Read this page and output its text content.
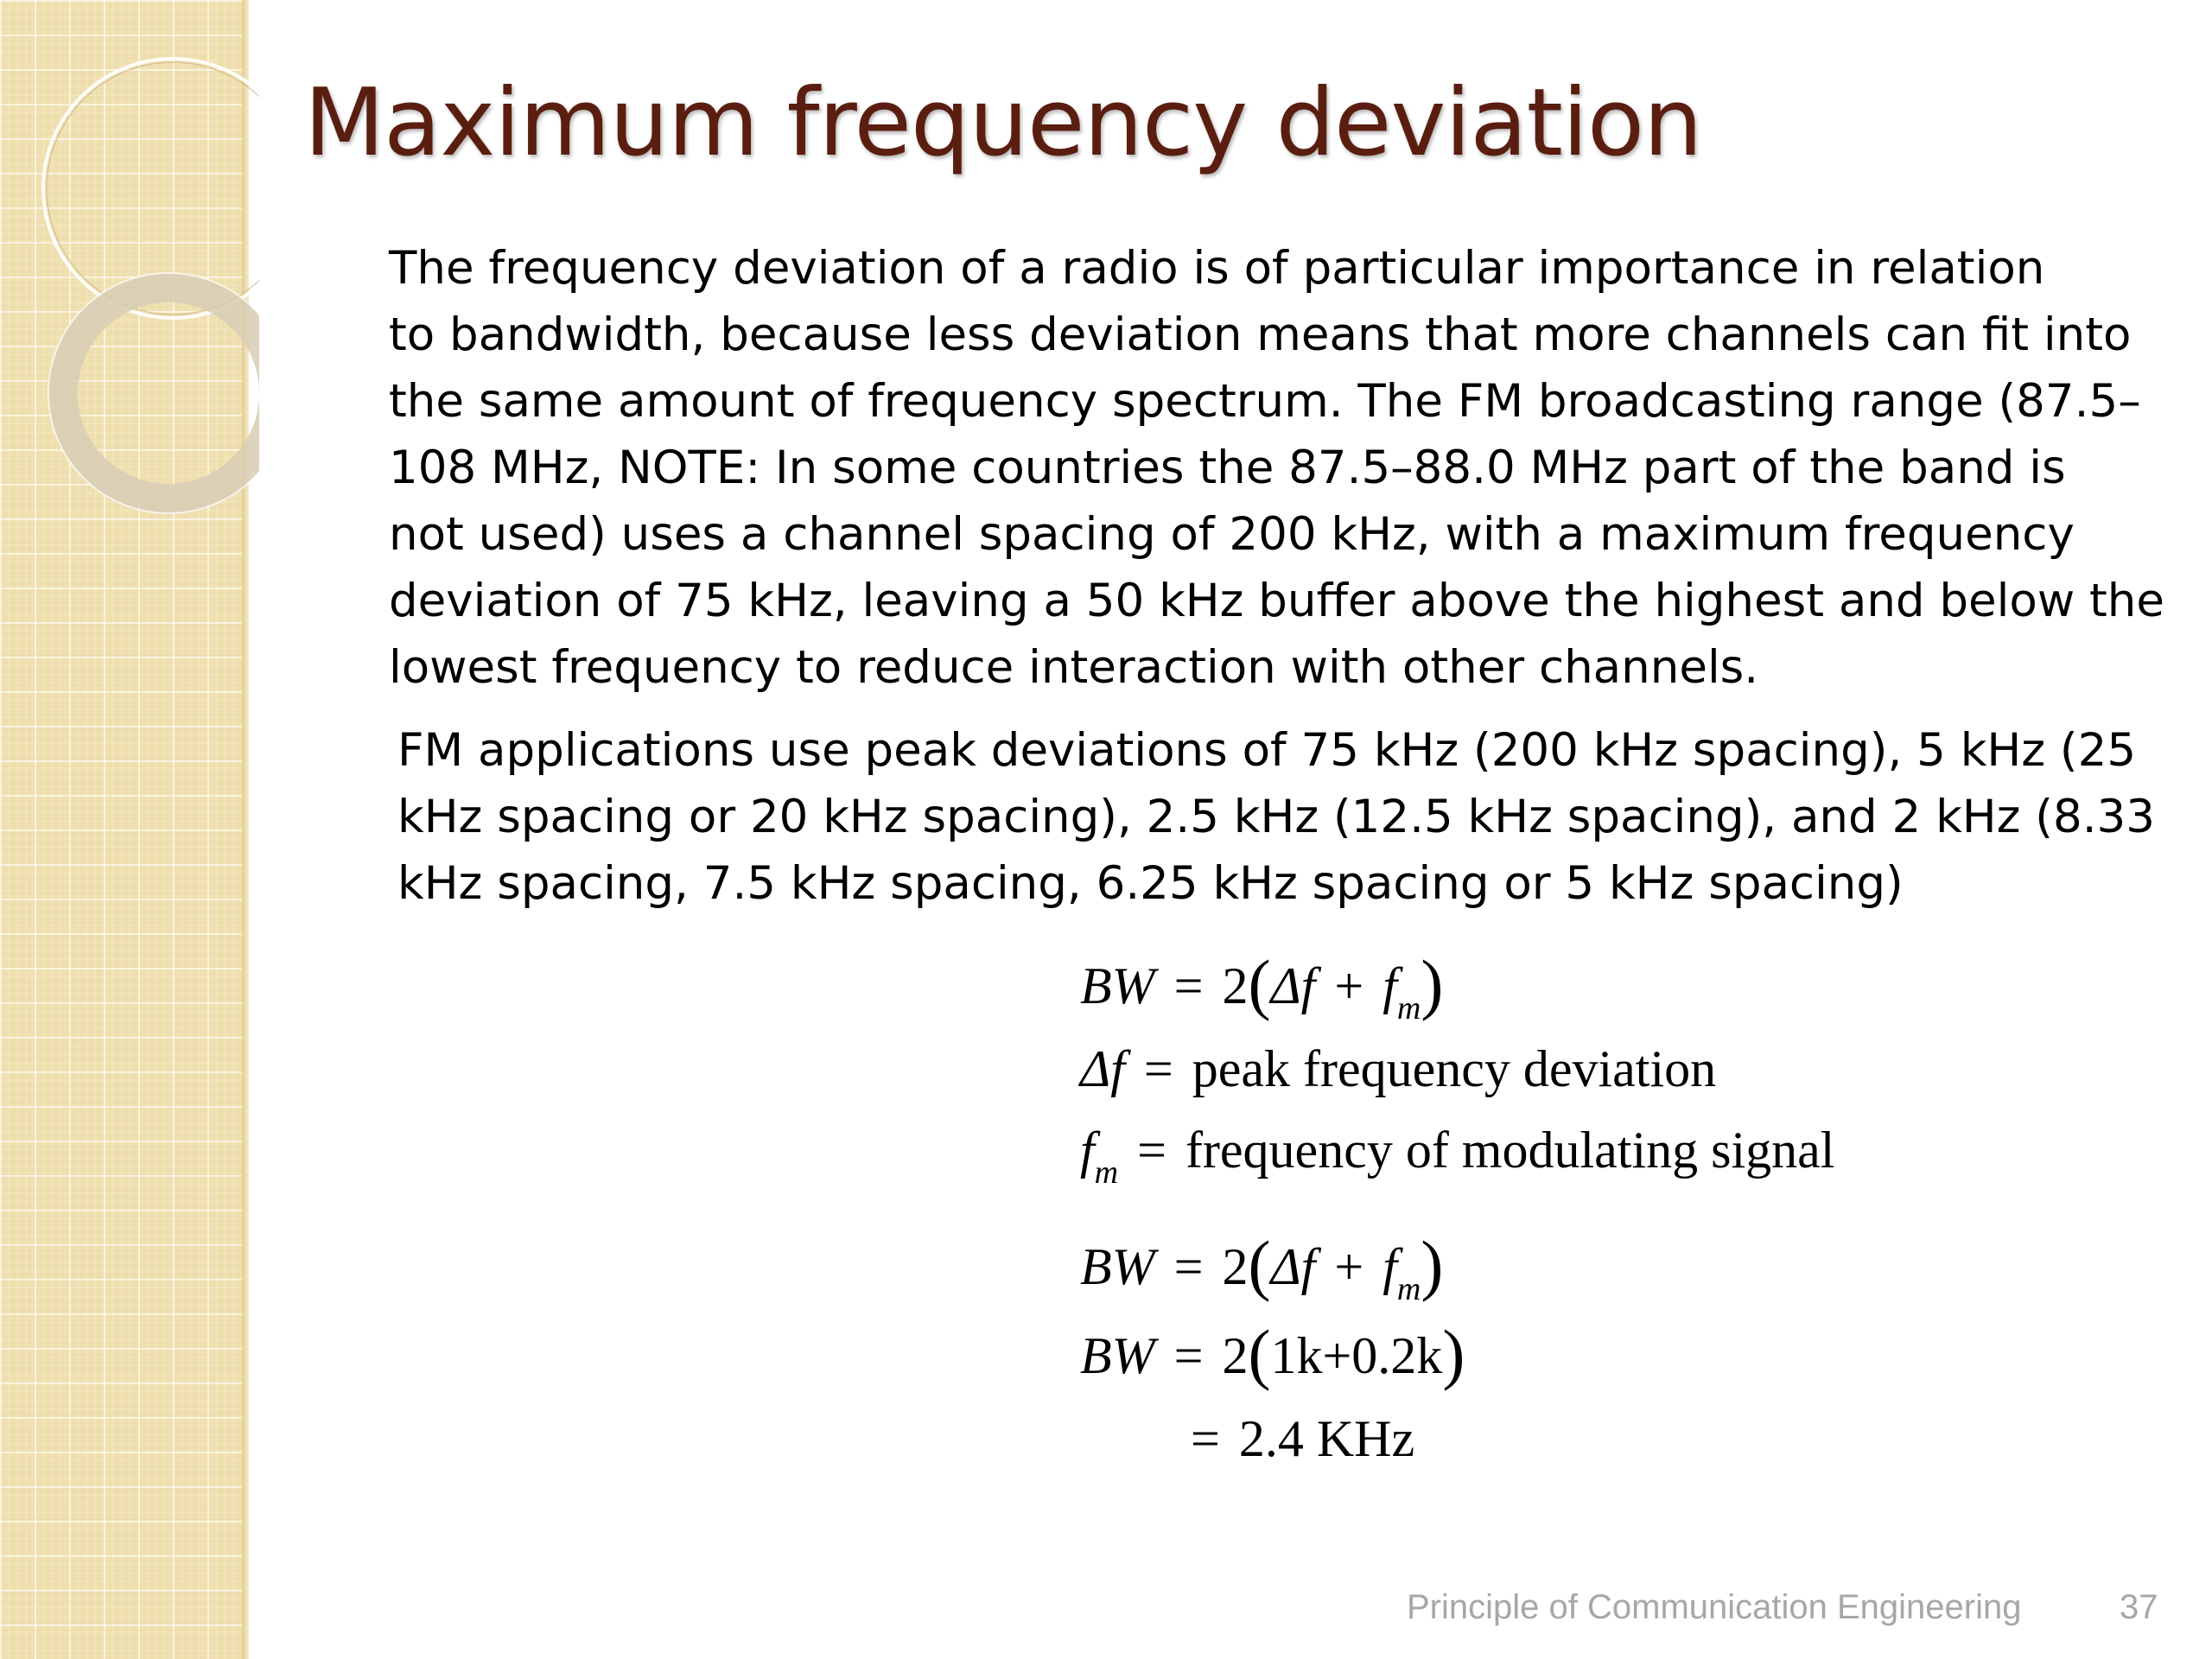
Maximum frequency deviation
The frequency deviation of a radio is of particular importance in relation
to bandwidth, because less deviation means that more channels can fit into
the same amount of frequency spectrum. The FM broadcasting range (87.5–
108 MHz, NOTE: In some countries the 87.5–88.0 MHz part of the band is
not used) uses a channel spacing of 200 kHz, with a maximum frequency
deviation of 75 kHz, leaving a 50 kHz buffer above the highest and below the
lowest frequency to reduce interaction with other channels.
FM applications use peak deviations of 75 kHz (200 kHz spacing), 5 kHz (25
kHz spacing or 20 kHz spacing), 2.5 kHz (12.5 kHz spacing), and 2 kHz (8.33
kHz spacing, 7.5 kHz spacing, 6.25 kHz spacing or 5 kHz spacing)
BW = $2(\Delta f + f_m)$
Δf = peak frequency deviation
$f_m$ = frequency of modulating signal
BW = $2(\Delta f + f_m)$
BW = 2(1k+0.2k)
= 2.4 KHz
Principle of Communication Engineering	37
